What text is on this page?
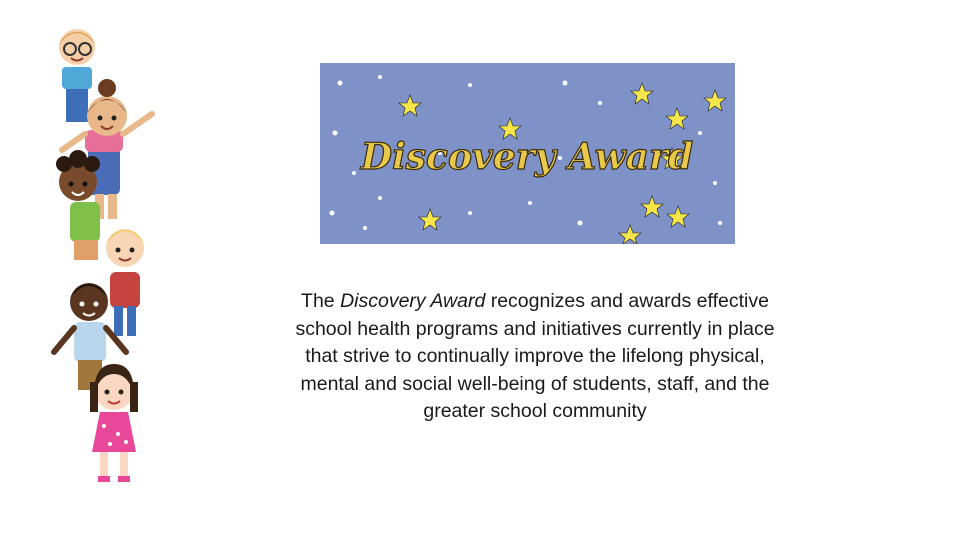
Discovery Award

The Discovery Award recognizes and awards effective school health programs and initiatives currently in place that strive to continually improve the lifelong physical, mental and social well-being of students, staff, and the greater school community
